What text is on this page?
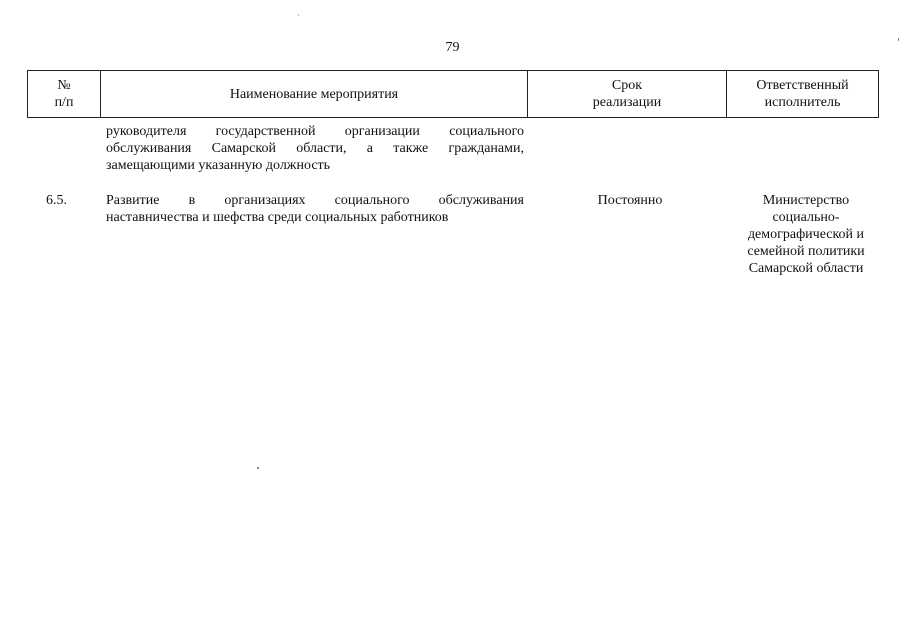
79
№
п/п
Наименование мероприятия
Срок
реализации
Ответственный
исполнитель
руководителя государственной организации социального
обслуживания Самарской области, а также гражданами,
замещающими указанную должность
6.5.	Развитие в организациях социального обслуживания
наставничества и шефства среди социальных работников
Постоянно	Министерство
социально-
демографической и
семейной политики
Самарской области
